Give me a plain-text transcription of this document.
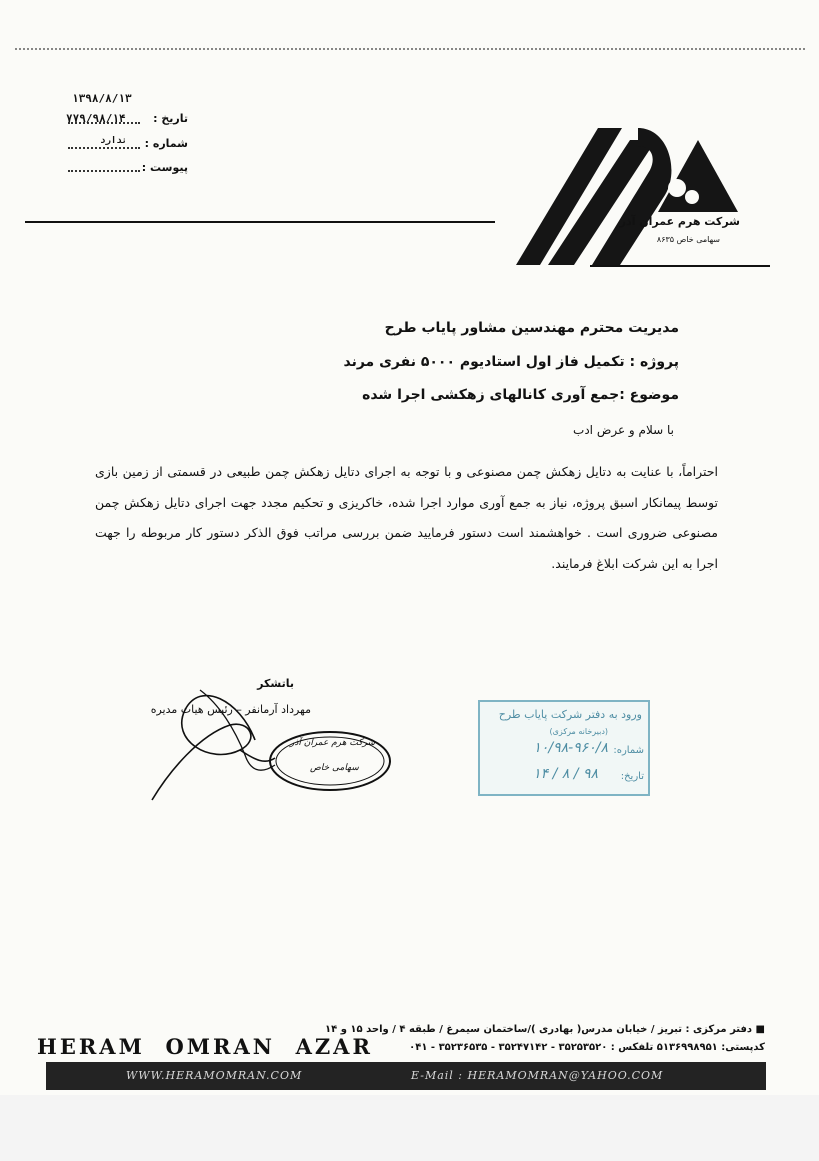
۱۳۹۸/۸/۱۳
تاریخ :
۷۷۹/۹۸/۱۴
شماره :
ندارد
پیوست :
شرکت هرم عمران آذر
سهامی خاص ۸۶۳۵
مدیریت محترم مهندسین مشاور پایاب طرح
پروژه : تکمیل فاز اول استادیوم ۵۰۰۰ نفری مرند
موضوع :جمع آوری کانالهای زهکشی اجرا شده
با سلام و عرض ادب
احتراماً، با عنایت به دتایل زهکش چمن مصنوعی و با توجه به اجرای دتایل زهکش چمن طبیعی در قسمتی از زمین بازی توسط پیمانکار اسبق پروژه، نیاز به جمع آوری موارد اجرا شده، خاکریزی و تحکیم مجدد جهت اجرای دتایل زهکش چمن مصنوعی ضروری است . خواهشمند است دستور فرمایید ضمن بررسی مراتب فوق الذکر دستور کار مربوطه را جهت اجرا به این شرکت ابلاغ فرمایند.
باتشکر
مهرداد آرمانفر – رئیس هیات مدیره
شرکت هرم عمران آذر
سهامی خاص
ورود به دفتر شرکت پایاب طرح
(دبیرخانه مرکزی)
شماره:
۱۰/۹۸-۹۶۰/۸
تاریخ:
۹۸ / ۸ / ۱۴
■ دفتر مرکزی : تبریز / خیابان مدرس( بهادری )/ساختمان سیمرغ / طبقه ۴ / واحد ۱۵ و ۱۴
کدپستی: ۵۱۳۶۹۹۸۹۵۱ تلفکس : ۳۵۲۵۳۵۲۰ - ۳۵۲۴۷۱۴۲ - ۳۵۲۳۶۵۳۵ - ۰۴۱
HERAM  OMRAN  AZAR
WWW.HERAMOMRAN.COM	E-Mail : HERAMOMRAN@YAHOO.COM
